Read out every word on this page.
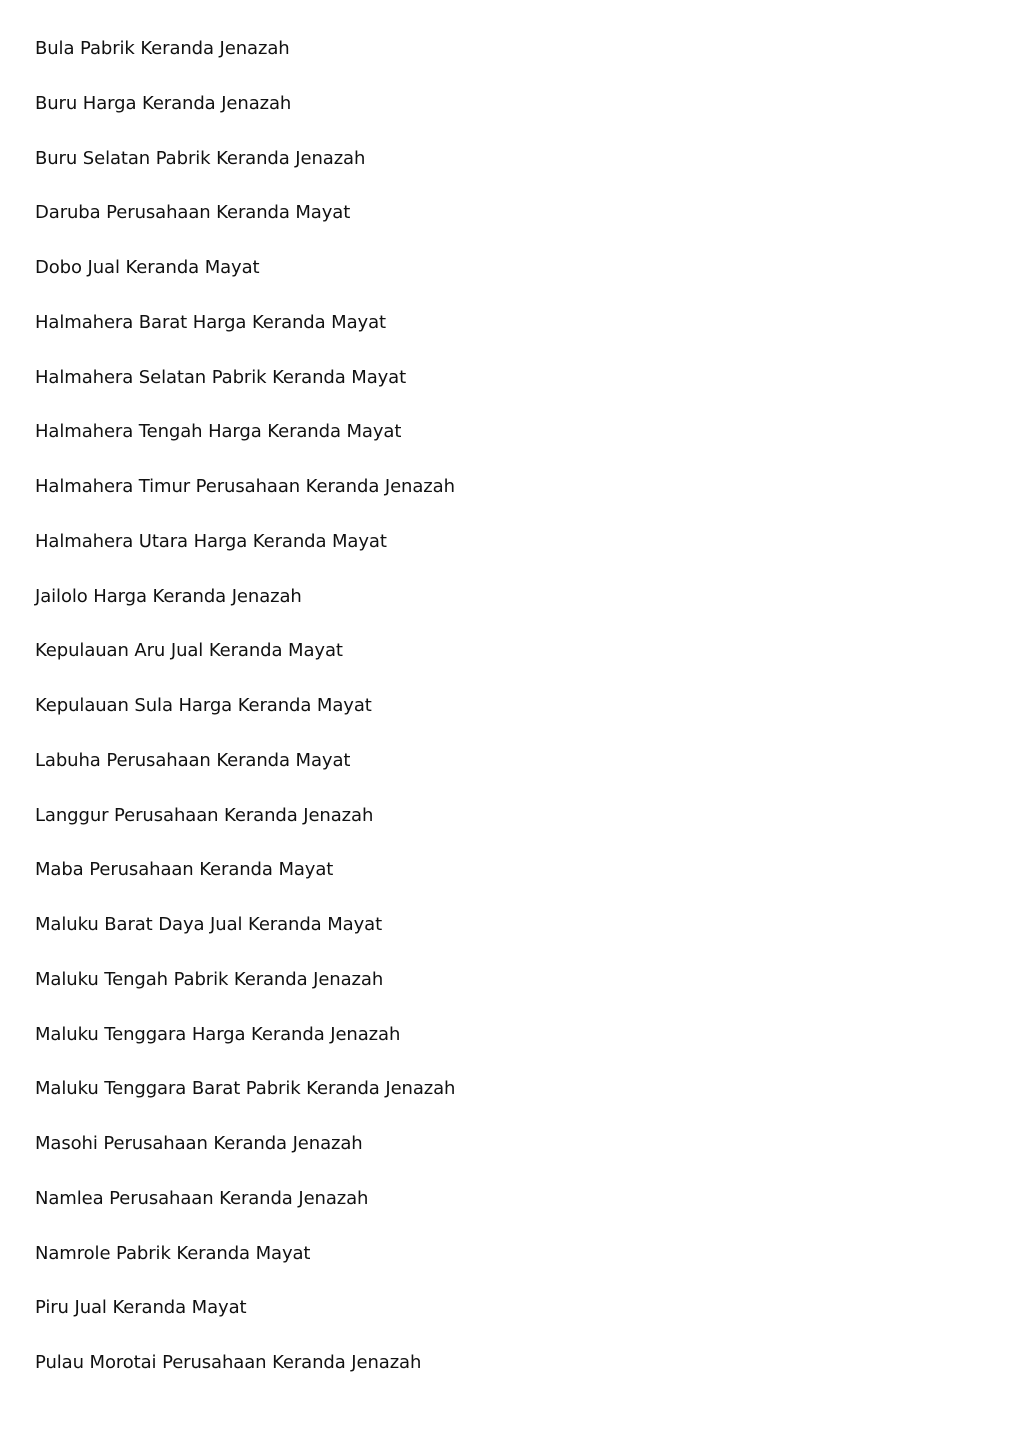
Bula Pabrik Keranda Jenazah
Buru Harga Keranda Jenazah
Buru Selatan Pabrik Keranda Jenazah
Daruba Perusahaan Keranda Mayat
Dobo Jual Keranda Mayat
Halmahera Barat Harga Keranda Mayat
Halmahera Selatan Pabrik Keranda Mayat
Halmahera Tengah Harga Keranda Mayat
Halmahera Timur Perusahaan Keranda Jenazah
Halmahera Utara Harga Keranda Mayat
Jailolo Harga Keranda Jenazah
Kepulauan Aru Jual Keranda Mayat
Kepulauan Sula Harga Keranda Mayat
Labuha Perusahaan Keranda Mayat
Langgur Perusahaan Keranda Jenazah
Maba Perusahaan Keranda Mayat
Maluku Barat Daya Jual Keranda Mayat
Maluku Tengah Pabrik Keranda Jenazah
Maluku Tenggara Harga Keranda Jenazah
Maluku Tenggara Barat Pabrik Keranda Jenazah
Masohi Perusahaan Keranda Jenazah
Namlea Perusahaan Keranda Jenazah
Namrole Pabrik Keranda Mayat
Piru Jual Keranda Mayat
Pulau Morotai Perusahaan Keranda Jenazah
